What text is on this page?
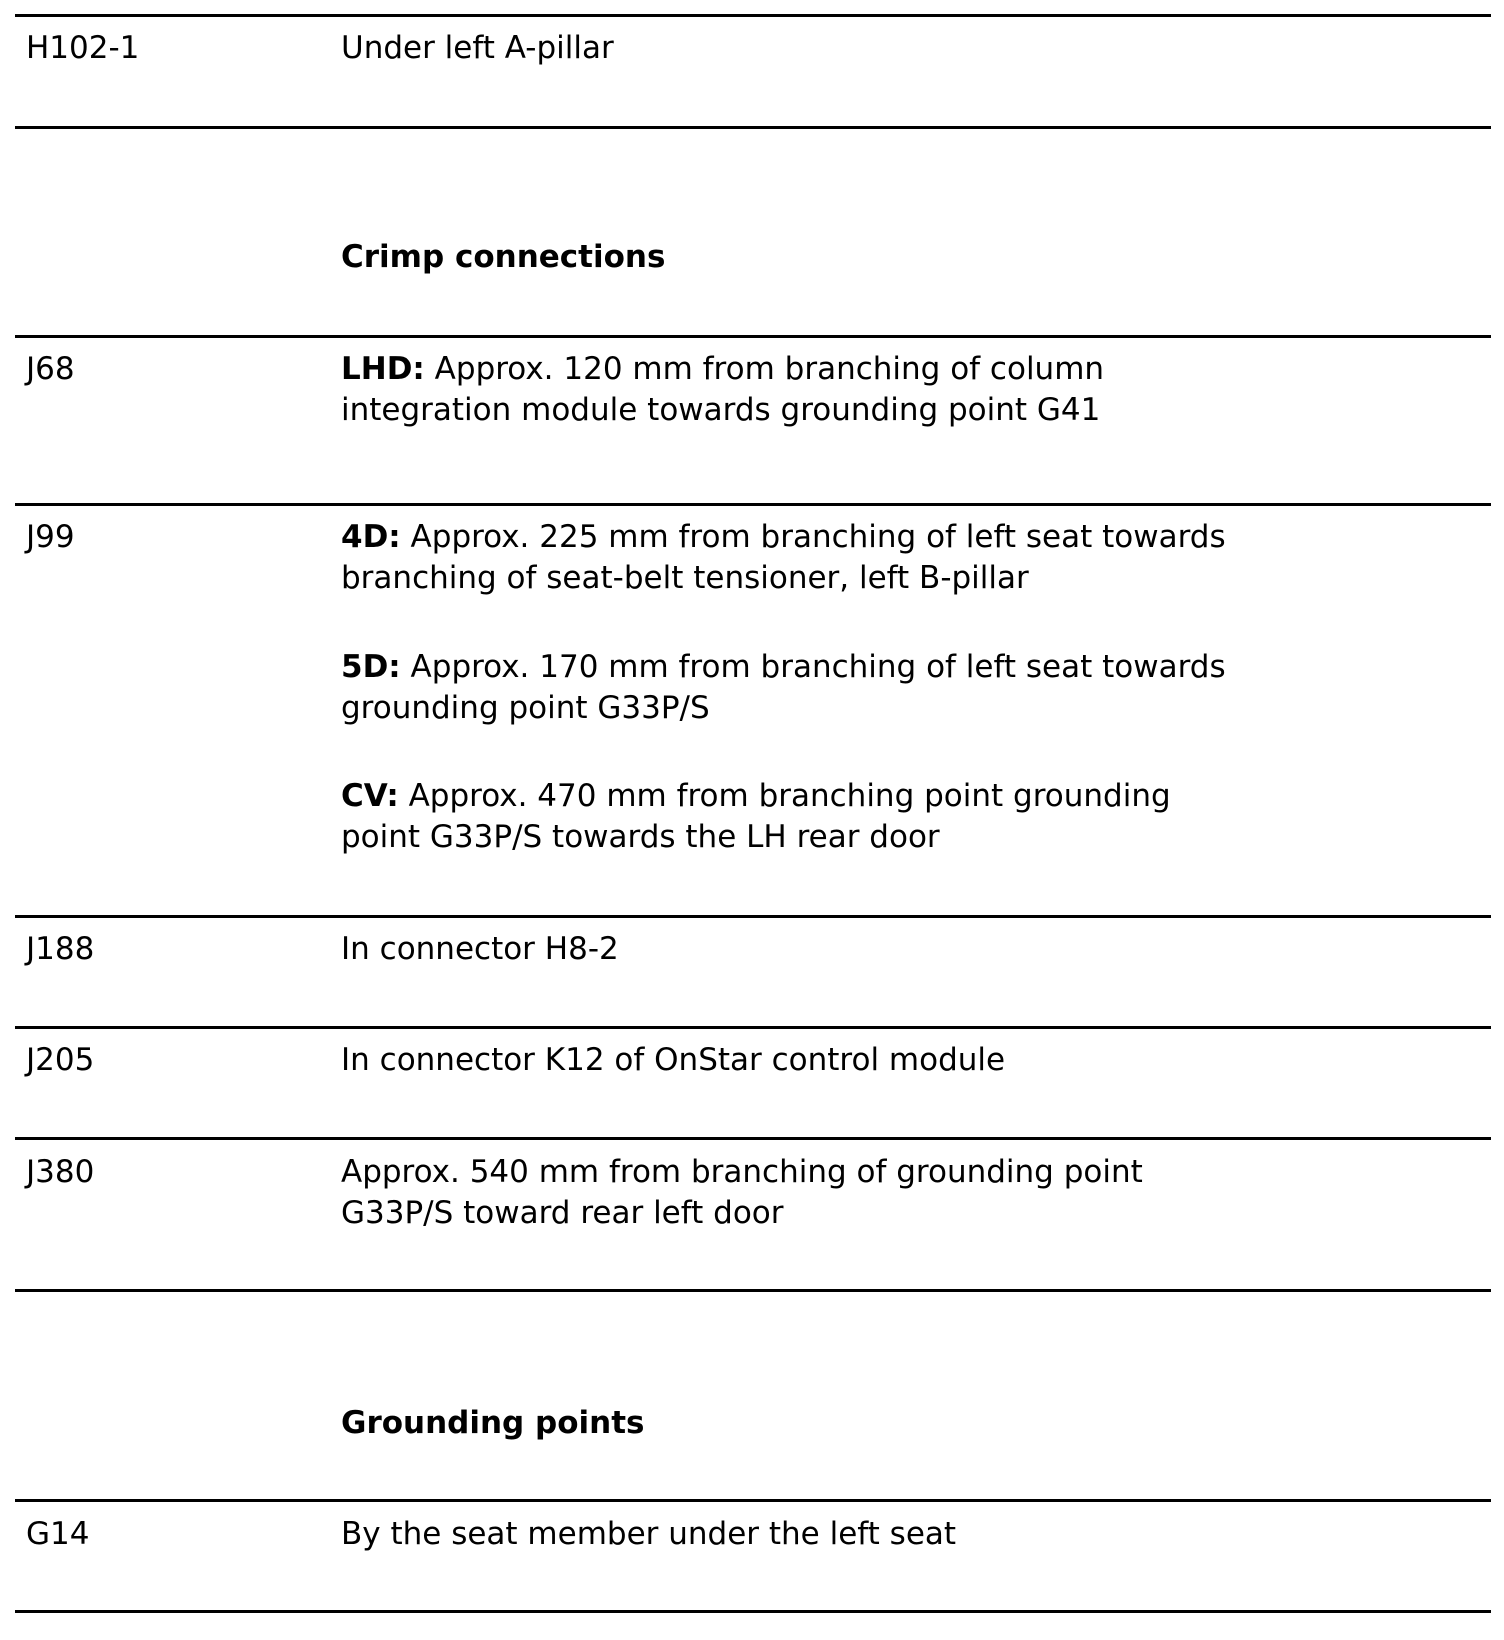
H102-1	Under left A-pillar
Crimp connections
J68	LHD: Approx. 120 mm from branching of column
integration module towards grounding point G41
J99	4D: Approx. 225 mm from branching of left seat towards
branching of seat-belt tensioner, left B-pillar
5D: Approx. 170 mm from branching of left seat towards
grounding point G33P/S
CV: Approx. 470 mm from branching point grounding
point G33P/S towards the LH rear door
J188	In connector H8-2
J205	In connector K12 of OnStar control module
J380	Approx. 540 mm from branching of grounding point
G33P/S toward rear left door
Grounding points
G14	By the seat member under the left seat
